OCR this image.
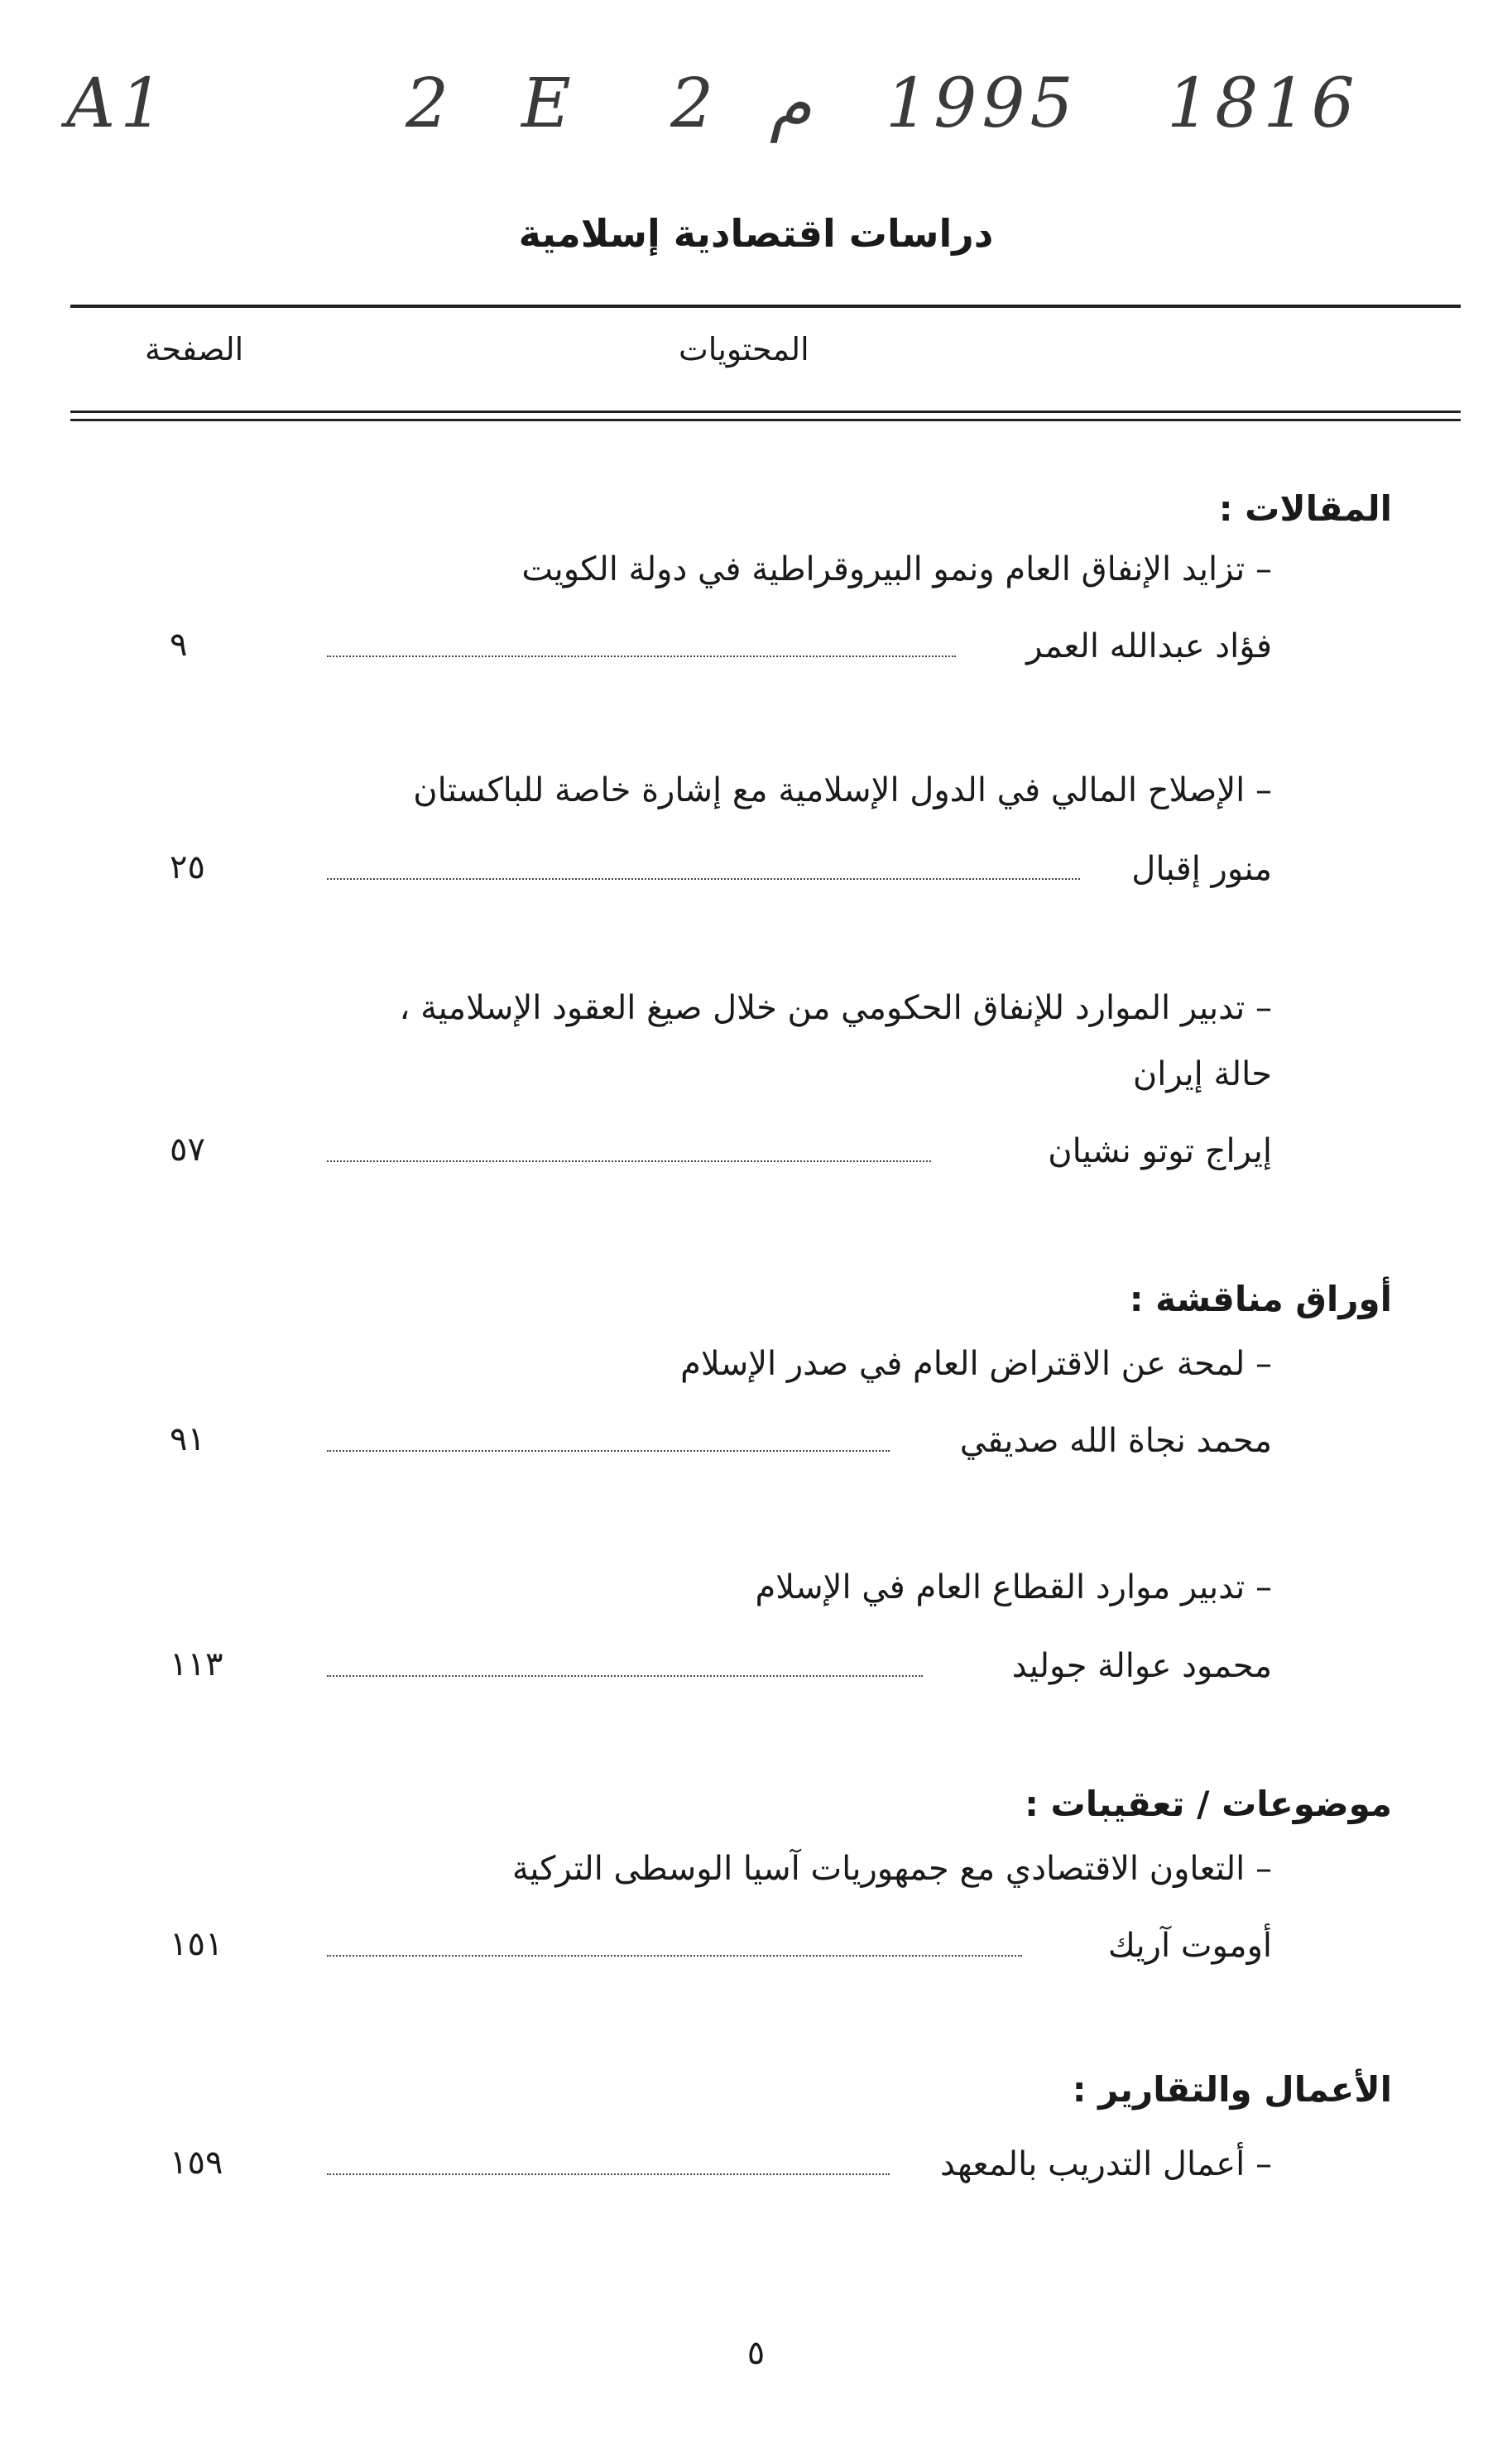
A1	2 E 2 م 1995 1816
دراسات اقتصادية إسلامية
الصفحة	المحتويات
المقالات :
– تزايد الإنفاق العام ونمو البيروقراطية في دولة الكويت
فؤاد عبدالله العمر
٩
– الإصلاح المالي في الدول الإسلامية مع إشارة خاصة للباكستان
منور إقبال
٢٥
– تدبير الموارد للإنفاق الحكومي من خلال صيغ العقود الإسلامية ،
حالة إيران
إيراج توتو نشيان
٥٧
أوراق مناقشة :
– لمحة عن الاقتراض العام في صدر الإسلام
محمد نجاة الله صديقي
٩١
– تدبير موارد القطاع العام في الإسلام
محمود عوالة جوليد
١١٣
موضوعات / تعقيبات :
– التعاون الاقتصادي مع جمهوريات آسيا الوسطى التركية
أوموت آريك
١٥١
الأعمال والتقارير :
– أعمال التدريب بالمعهد
١٥٩
٥
